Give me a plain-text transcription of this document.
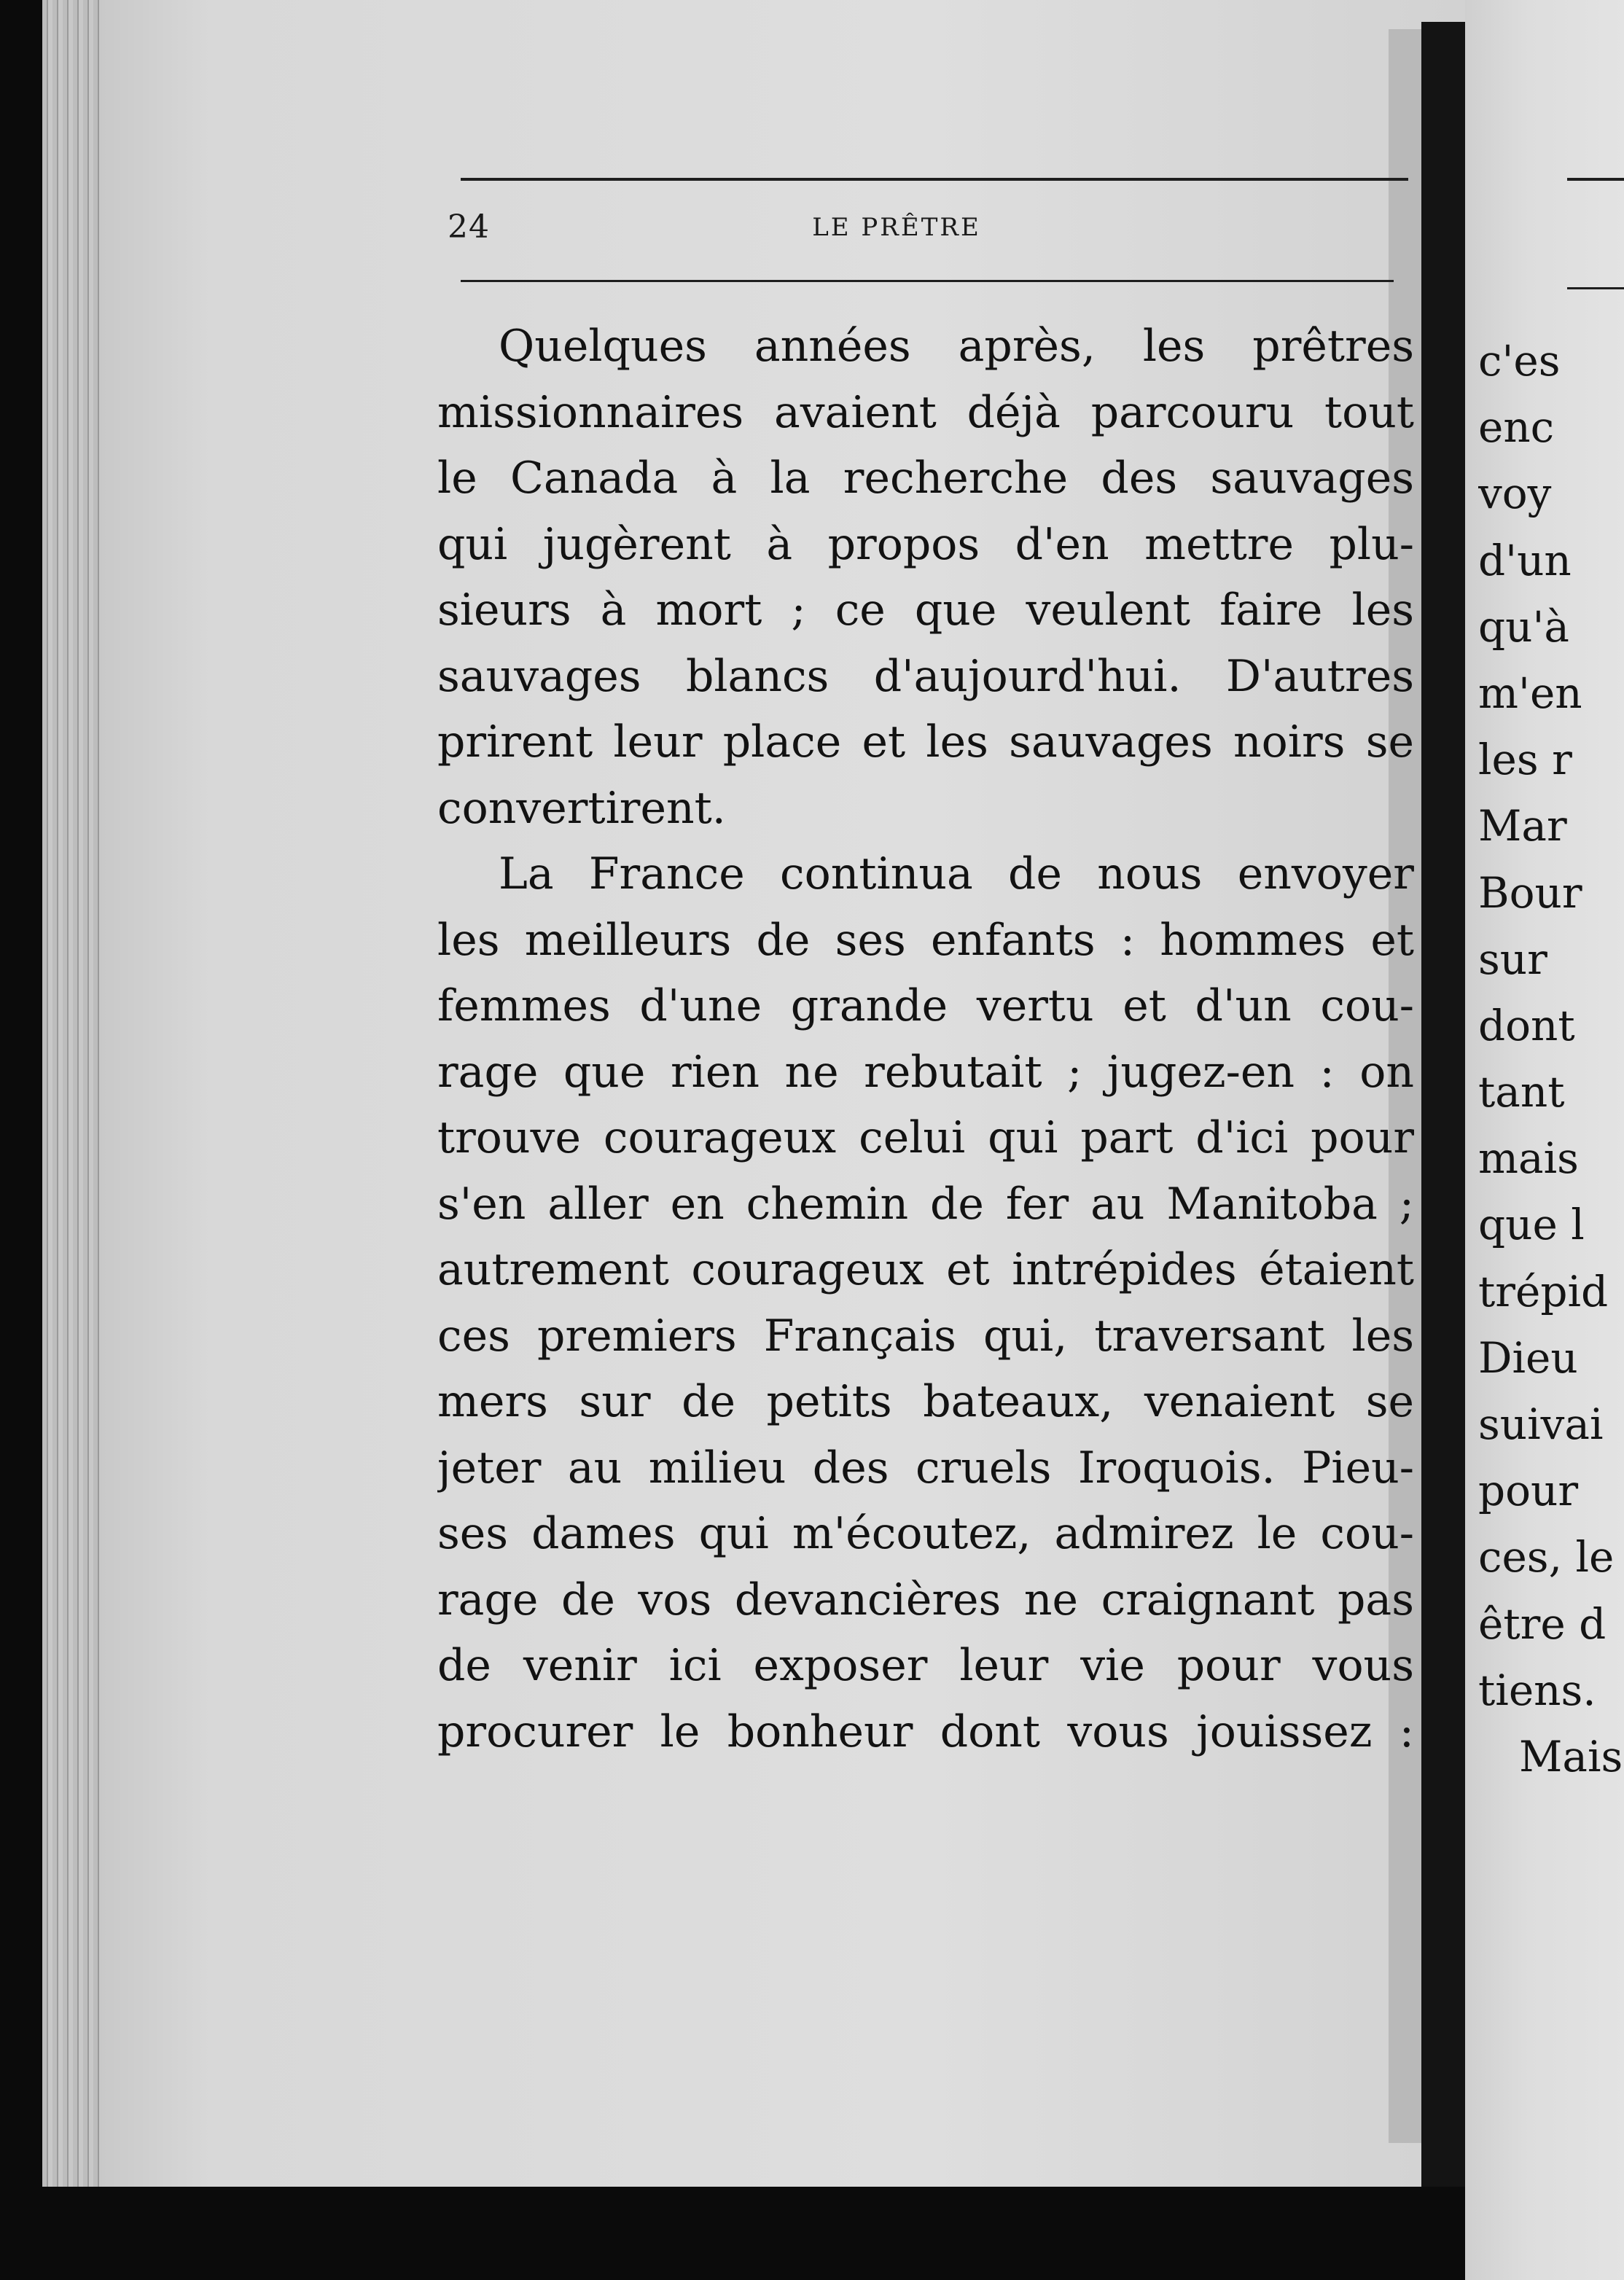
24	LE PRÊTRE
Quelques années après, les prêtres
missionnaires avaient déjà parcouru tout
le Canada à la recherche des sauvages
qui jugèrent à propos d'en mettre plu-
sieurs à mort ; ce que veulent faire les
sauvages blancs d'aujourd'hui. D'autres
prirent leur place et les sauvages noirs se
convertirent.
La France continua de nous envoyer
les meilleurs de ses enfants : hommes et
femmes d'une grande vertu et d'un cou-
rage que rien ne rebutait ; jugez-en : on
trouve courageux celui qui part d'ici pour
s'en aller en chemin de fer au Manitoba ;
autrement courageux et intrépides étaient
ces premiers Français qui, traversant les
mers sur de petits bateaux, venaient se
jeter au milieu des cruels Iroquois. Pieu-
ses dames qui m'écoutez, admirez le cou-
rage de vos devancières ne craignant pas
de venir ici exposer leur vie pour vous
procurer le bonheur dont vous jouissez :
c'es
enc
voy
d'un
qu'à
m'en
les r
Mar
Bour
sur
dont
tant
mais
que l
trépid
Dieu
suivai
pour
ces, le
être d
tiens.
Mais
